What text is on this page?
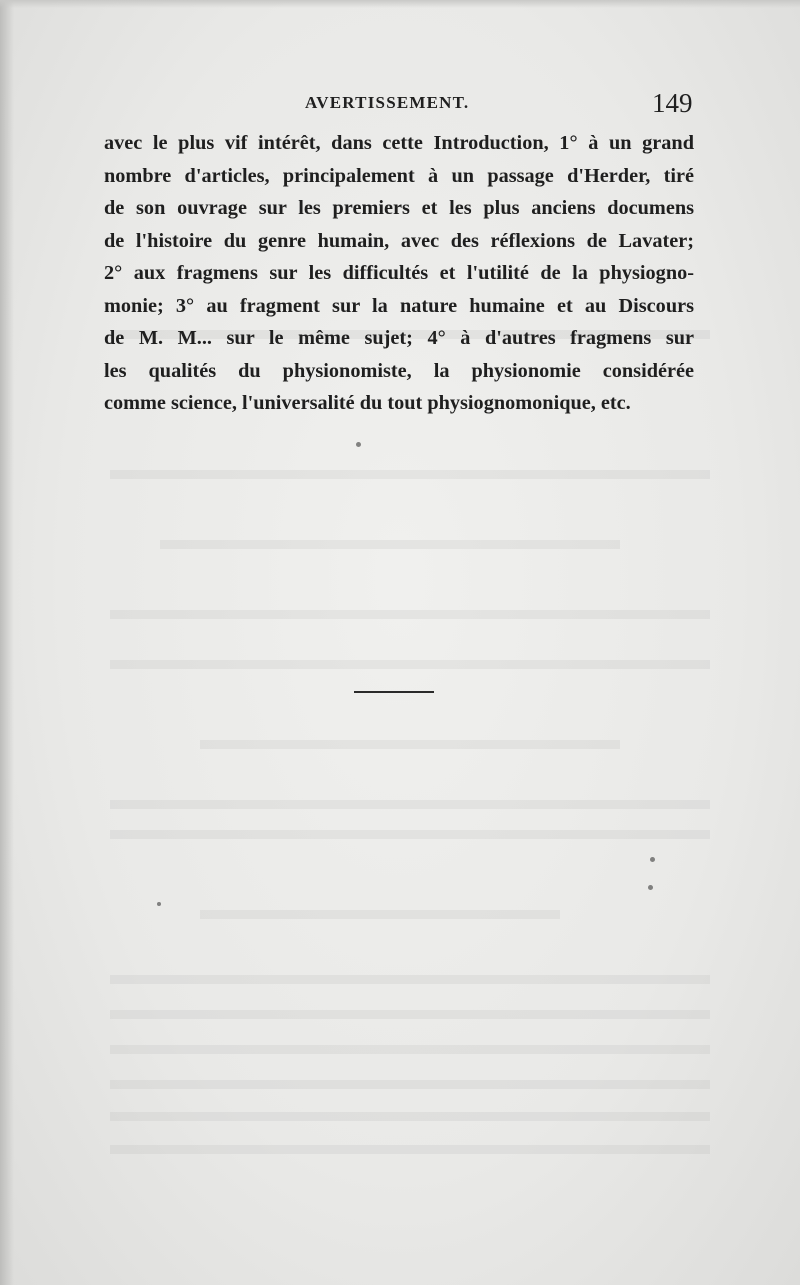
AVERTISSEMENT.	149
avec le plus vif intérêt, dans cette Introduction, 1° à un grand
nombre d'articles, principalement à un passage d'Herder, tiré
de son ouvrage sur les premiers et les plus anciens documens
de l'histoire du genre humain, avec des réflexions de Lavater;
2° aux fragmens sur les difficultés et l'utilité de la physiogno-
monie; 3° au fragment sur la nature humaine et au Discours
de M. M... sur le même sujet; 4° à d'autres fragmens sur
les qualités du physionomiste, la physionomie considérée
comme science, l'universalité du tout physiognomonique, etc.
